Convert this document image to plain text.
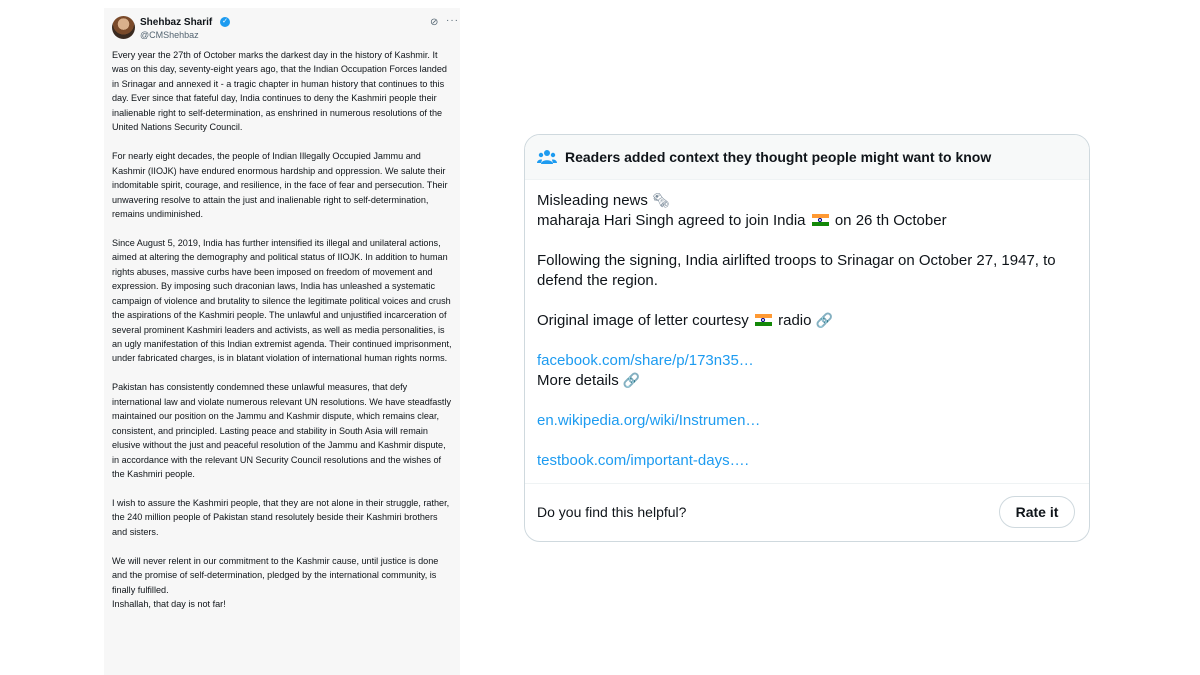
Shehbaz Sharif ✓
@CMShehbaz
⊘ ···

Every year the 27th of October marks the darkest day in the history of Kashmir. It was on this day, seventy-eight years ago, that the Indian Occupation Forces landed in Srinagar and annexed it - a tragic chapter in human history that continues to this day. Ever since that fateful day, India continues to deny the Kashmiri people their inalienable right to self-determination, as enshrined in numerous resolutions of the United Nations Security Council.

For nearly eight decades, the people of Indian Illegally Occupied Jammu and Kashmir (IIOJK) have endured enormous hardship and oppression. We salute their indomitable spirit, courage, and resilience, in the face of fear and persecution. Their unwavering resolve to attain the just and inalienable right to self-determination, remains undiminished.

Since August 5, 2019, India has further intensified its illegal and unilateral actions, aimed at altering the demography and political status of IIOJK. In addition to human rights abuses, massive curbs have been imposed on freedom of movement and expression. By imposing such draconian laws, India has unleashed a systematic campaign of violence and brutality to silence the legitimate political voices and crush the aspirations of the Kashmiri people. The unlawful and unjustified incarceration of several prominent Kashmiri leaders and activists, as well as media personalities, is an ugly manifestation of this Indian extremist agenda. Their continued imprisonment, under fabricated charges, is in blatant violation of international human rights norms.

Pakistan has consistently condemned these unlawful measures, that defy international law and violate numerous relevant UN resolutions. We have steadfastly maintained our position on the Jammu and Kashmir dispute, which remains clear, consistent, and principled. Lasting peace and stability in South Asia will remain elusive without the just and peaceful resolution of the Jammu and Kashmir dispute, in accordance with the relevant UN Security Council resolutions and the wishes of the Kashmiri people.

I wish to assure the Kashmiri people, that they are not alone in their struggle, rather, the 240 million people of Pakistan stand resolutely beside their Kashmiri brothers and sisters.

We will never relent in our commitment to the Kashmir cause, until justice is done and the promise of self-determination, pledged by the international community, is finally fulfilled.
Inshallah, that day is not far!

Readers added context they thought people might want to know
Misleading news 🗞
maharaja Hari Singh agreed to join India on 26 th October
Following the signing, India airlifted troops to Srinagar on October 27, 1947, to
defend the region.
Original image of letter courtesy radio 🔗
facebook.com/share/p/173n35…
More details 🔗
en.wikipedia.org/wiki/Instrumen…
testbook.com/important-days….
Do you find this helpful?	Rate it
